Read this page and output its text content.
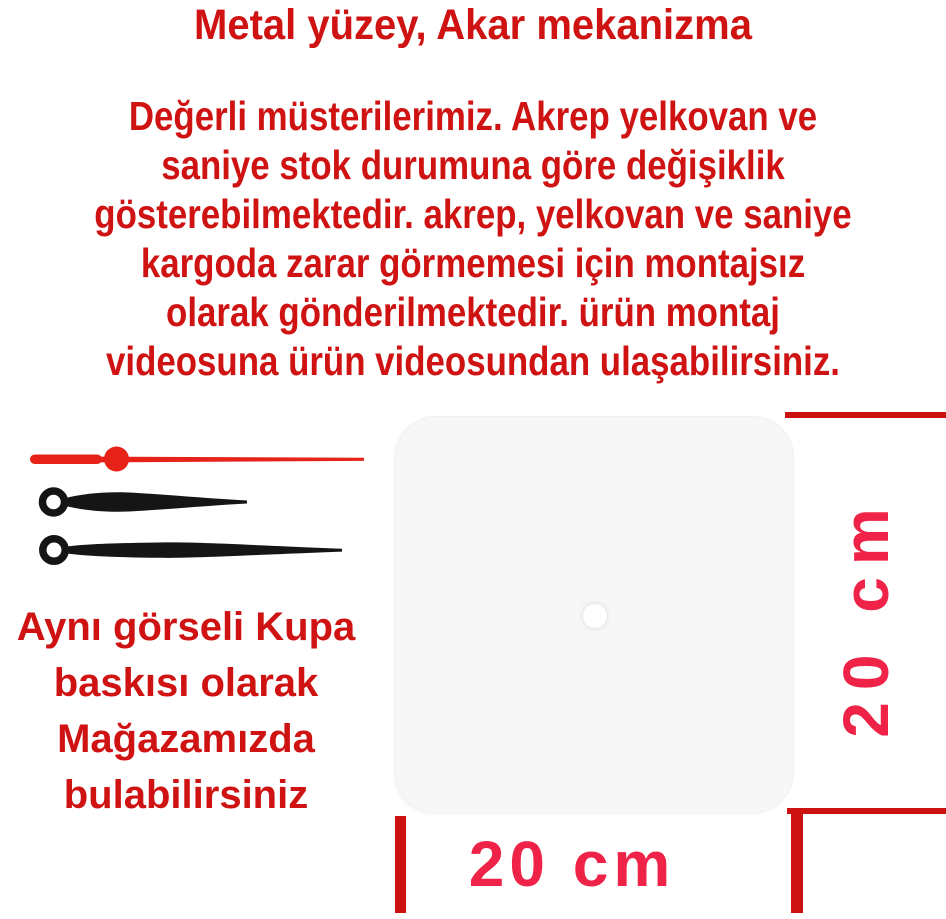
Metal yüzey, Akar mekanizma
Değerli müsterilerimiz. Akrep yelkovan ve
saniye stok durumuna göre değişiklik
gösterebilmektedir. akrep, yelkovan ve saniye
kargoda zarar görmemesi için montajsız
olarak gönderilmektedir. ürün montaj
videosuna ürün videosundan ulaşabilirsiniz.
Aynı görseli Kupa
baskısı olarak
Mağazamızda
bulabilirsiniz
20 cm
20 cm
